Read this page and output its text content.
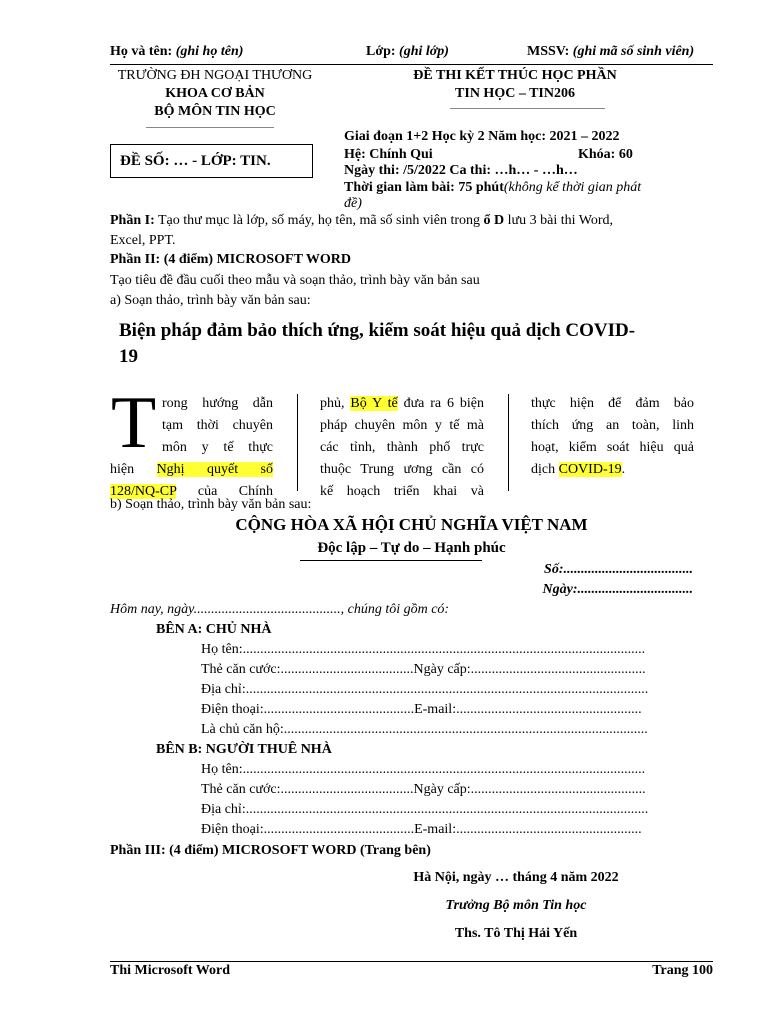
Họ và tên: (ghi họ tên)	Lớp: (ghi lớp)	MSSV: (ghi mã số sinh viên)
TRƯỜNG ĐH NGOẠI THƯƠNG
KHOA CƠ BẢN
BỘ MÔN TIN HỌC
ĐỀ THI KẾT THÚC HỌC PHẦN
TIN HỌC – TIN206
ĐỀ SỐ: … - LỚP: TIN.
Giai đoạn 1+2 Học kỳ 2 Năm học: 2021 – 2022
Hệ: Chính Qui	Khóa: 60
Ngày thi: /5/2022 Ca thi: …h… - …h…
Thời gian làm bài: 75 phút(không kể thời gian phát
đề)
Phần I: Tạo thư mục là lớp, số máy, họ tên, mã số sinh viên trong ổ D lưu 3 bài thi Word,
Excel, PPT.
Phần II: (4 điểm) MICROSOFT WORD
Tạo tiêu đề đầu cuối theo mẫu và soạn thảo, trình bày văn bản sau
a) Soạn thảo, trình bày văn bản sau:
Biện pháp đảm bảo thích ứng, kiểm soát hiệu quả dịch COVID-
19
T rong hướng dẫn
tạm thời chuyên
môn y tế thực
hiện Nghị quyết số
128/NQ-CP của Chính
phủ, Bộ Y tế đưa ra 6 biện
pháp chuyên môn y tế mà
các tỉnh, thành phố trực
thuộc Trung ương cần có
kế hoạch triển khai và
thực hiện để đảm bảo
thích ứng an toàn, linh
hoạt, kiểm soát hiệu quả
dịch COVID-19.
b) Soạn thảo, trình bày văn bản sau:
CỘNG HÒA XÃ HỘI CHỦ NGHĨA VIỆT NAM
Độc lập – Tự do – Hạnh phúc
Số:.....................................
Ngày:.................................
Hôm nay, ngày.........................................., chúng tôi gồm có:
BÊN A: CHỦ NHÀ
Họ tên:...................................................................................................................
Thẻ căn cước:......................................Ngày cấp:..................................................
Địa chỉ:...................................................................................................................
Điện thoại:...........................................E-mail:.....................................................
Là chủ căn hộ:........................................................................................................
BÊN B: NGƯỜI THUÊ NHÀ
Họ tên:...................................................................................................................
Thẻ căn cước:......................................Ngày cấp:..................................................
Địa chỉ:...................................................................................................................
Điện thoại:...........................................E-mail:.....................................................
Phần III: (4 điểm) MICROSOFT WORD (Trang bên)
Hà Nội, ngày … tháng 4 năm 2022
Trưởng Bộ môn Tin học
Ths. Tô Thị Hải Yến
Thi Microsoft Word	Trang 100
